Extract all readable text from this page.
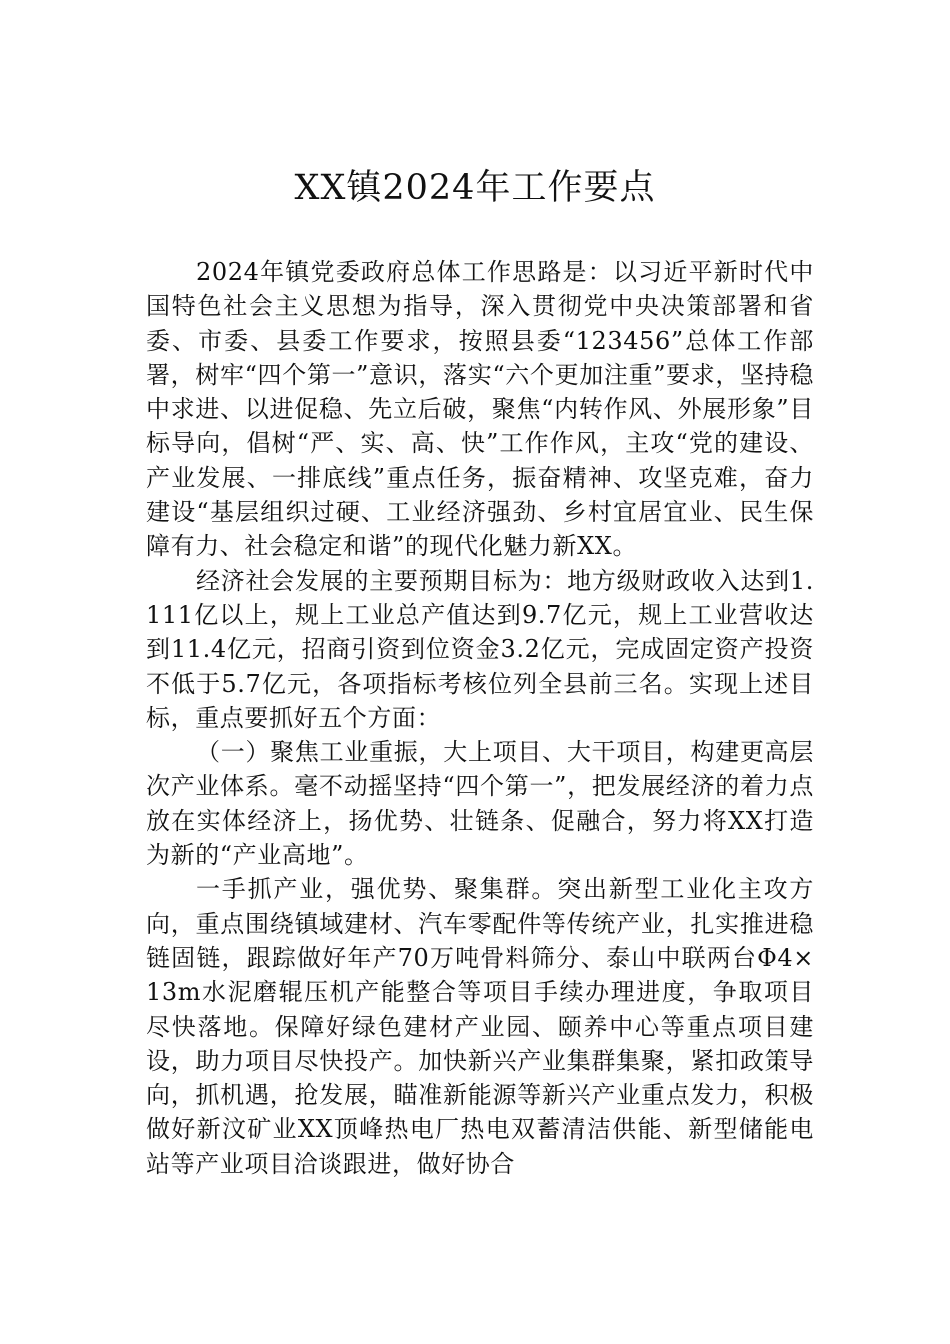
XX镇2024年工作要点

2024年镇党委政府总体工作思路是：以习近平新时代中国特色社会主义思想为指导，深入贯彻党中央决策部署和省委、市委、县委工作要求，按照县委“123456”总体工作部署，树牢“四个第一”意识，落实“六个更加注重”要求，坚持稳中求进、以进促稳、先立后破，聚焦“内转作风、外展形象”目标导向，倡树“严、实、高、快”工作作风，主攻“党的建设、产业发展、一排底线”重点任务，振奋精神、攻坚克难，奋力建设“基层组织过硬、工业经济强劲、乡村宜居宜业、民生保障有力、社会稳定和谐”的现代化魅力新XX。

经济社会发展的主要预期目标为：地方级财政收入达到1.111亿以上，规上工业总产值达到9.7亿元，规上工业营收达到11.4亿元，招商引资到位资金3.2亿元，完成固定资产投资不低于5.7亿元，各项指标考核位列全县前三名。实现上述目标，重点要抓好五个方面：

（一）聚焦工业重振，大上项目、大干项目，构建更高层次产业体系。毫不动摇坚持“四个第一”，把发展经济的着力点放在实体经济上，扬优势、壮链条、促融合，努力将XX打造为新的“产业高地”。

一手抓产业，强优势、聚集群。突出新型工业化主攻方向，重点围绕镇域建材、汽车零配件等传统产业，扎实推进稳链固链，跟踪做好年产70万吨骨料筛分、泰山中联两台Φ4×13m水泥磨辊压机产能整合等项目手续办理进度，争取项目尽快落地。保障好绿色建材产业园、颐养中心等重点项目建设，助力项目尽快投产。加快新兴产业集群集聚，紧扣政策导向，抓机遇，抢发展，瞄准新能源等新兴产业重点发力，积极做好新汶矿业XX顶峰热电厂热电双蓄清洁供能、新型储能电站等产业项目洽谈跟进，做好协合
